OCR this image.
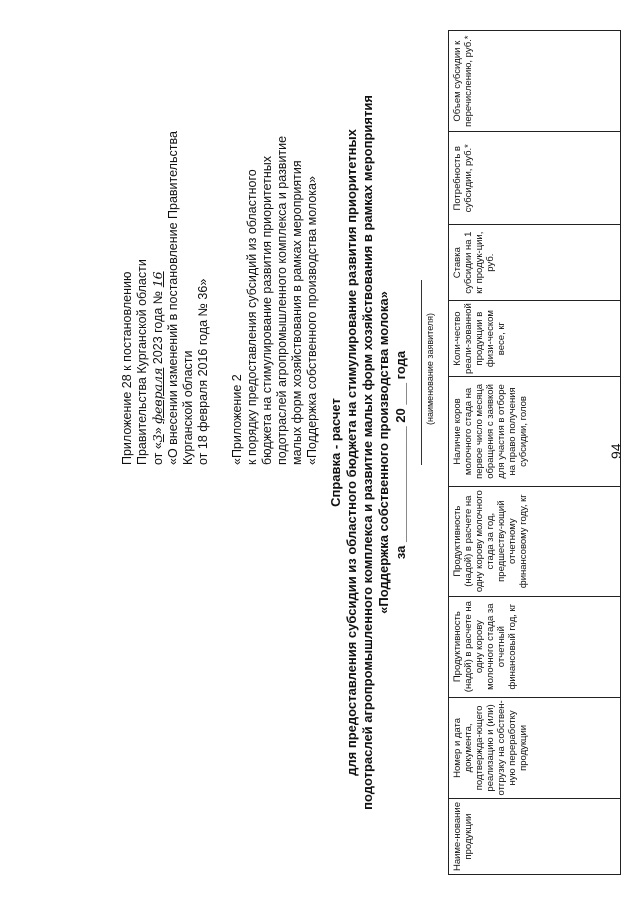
94

Приложение 28 к постановлению Правительства Курганской области от «3» февраля 2023 года № 16 «О внесении изменений в постановление Правительства Курганской области от 18 февраля 2016 года № 36» «Приложение 2 к порядку предоставления субсидий из областного бюджета на стимулирование развития приоритетных подотраслей агропромышленного комплекса и развитие малых форм хозяйствования в рамках мероприятия «Поддержка собственного производства молока» Справка - расчет для предоставления субсидии из областного бюджета на стимулирование развития приоритетных подотраслей агропромышленного комплекса и развитие малых форм хозяйствования в рамках мероприятия «Поддержка собственного производства молока» за ________________ 20 ___ года (наименование заявителя)
Наиме-нование продукции	Номер и дата документа, подтвержда-ющего реализацию и (или) отгрузку на собствен-ную переработку продукции	Продуктивность (надой) в расчете на одну корову молочного стада за отчетный финансовый год, кг	Продуктивность (надой) в расчете на одну корову молочного стада за год, предшеству-ющий отчетному финансовому году, кг	Наличие коров молочного стада на первое число месяца обращения с заявкой для участия в отборе на право получения субсидии, голов	Коли-чество реали-зованной продукции в физи-ческом весе, кг	Ставка субсидии на 1 кг продук-ции, руб.	Потребность в субсидии, руб.*	Объем субсидии к перечислению, руб.*
